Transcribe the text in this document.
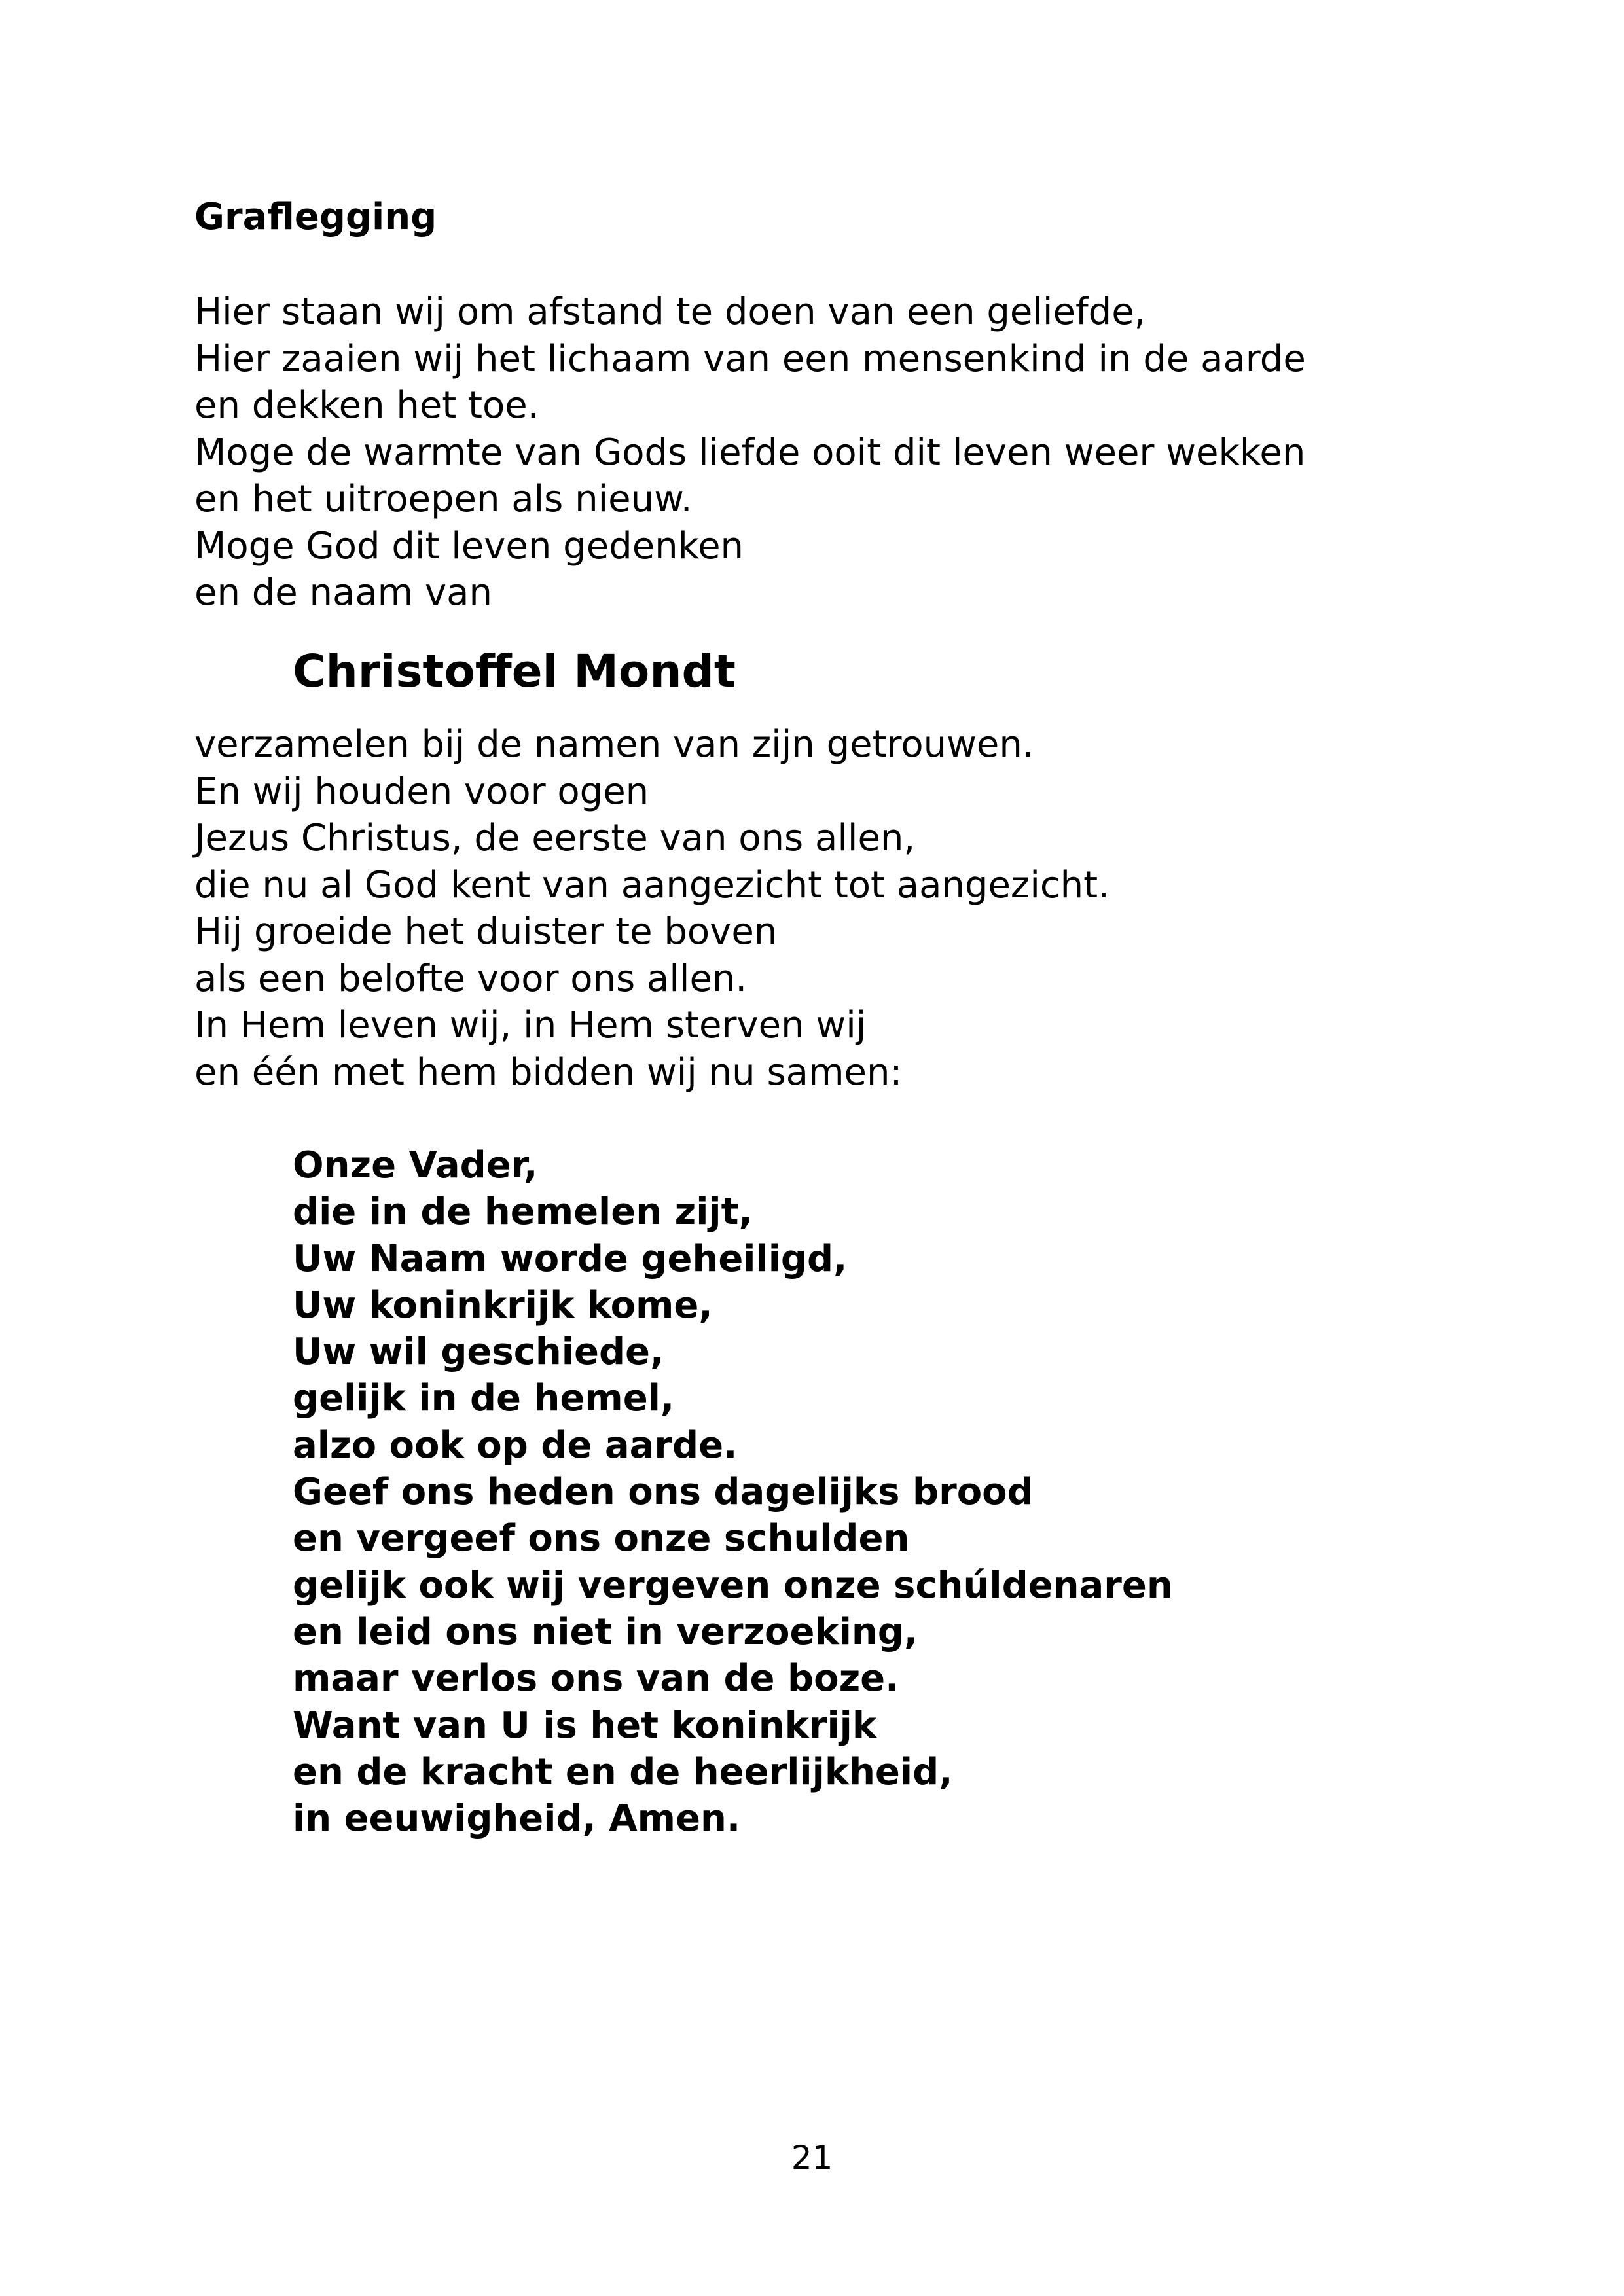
Graflegging
Hier staan wij om afstand te doen van een geliefde,
Hier zaaien wij het lichaam van een mensenkind in de aarde
en dekken het toe.
Moge de warmte van Gods liefde ooit dit leven weer wekken
en het uitroepen als nieuw.
Moge God dit leven gedenken
en de naam van
Christoffel Mondt
verzamelen bij de namen van zijn getrouwen.
En wij houden voor ogen
Jezus Christus, de eerste van ons allen,
die nu al God kent van aangezicht tot aangezicht.
Hij groeide het duister te boven
als een belofte voor ons allen.
In Hem leven wij, in Hem sterven wij
en één met hem bidden wij nu samen:
Onze Vader,
die in de hemelen zijt,
Uw Naam worde geheiligd,
Uw koninkrijk kome,
Uw wil geschiede,
gelijk in de hemel,
alzo ook op de aarde.
Geef ons heden ons dagelijks brood
en vergeef ons onze schulden
gelijk ook wij vergeven onze schúldenaren
en leid ons niet in verzoeking,
maar verlos ons van de boze.
Want van U is het koninkrijk
en de kracht en de heerlijkheid,
in eeuwigheid, Amen.
21
